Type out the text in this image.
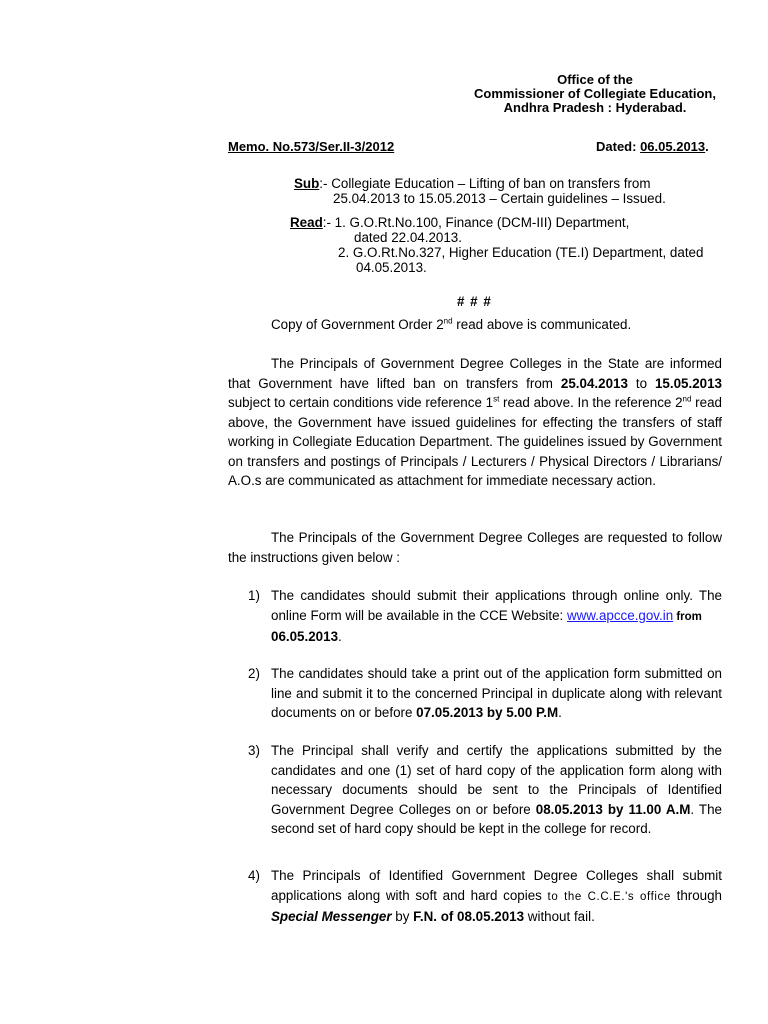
Office of the
Commissioner of Collegiate Education,
Andhra Pradesh : Hyderabad.
Memo. No.573/Ser.II-3/2012	Dated: 06.05.2013.
Sub:- Collegiate Education – Lifting of ban on transfers from
25.04.2013 to 15.05.2013 – Certain guidelines – Issued.
Read:- 1. G.O.Rt.No.100, Finance (DCM-III) Department,
dated 22.04.2013.
2. G.O.Rt.No.327, Higher Education (TE.I) Department, dated
04.05.2013.
# # #
Copy of Government Order 2nd read above is communicated.
The Principals of Government Degree Colleges in the State are informed that Government have lifted ban on transfers from 25.04.2013 to 15.05.2013 subject to certain conditions vide reference 1st read above. In the reference 2nd read above, the Government have issued guidelines for effecting the transfers of staff working in Collegiate Education Department. The guidelines issued by Government on transfers and postings of Principals / Lecturers / Physical Directors / Librarians/ A.O.s are communicated as attachment for immediate necessary action.
The Principals of the Government Degree Colleges are requested to follow the instructions given below :
1) The candidates should submit their applications through online only. The online Form will be available in the CCE Website: www.apcce.gov.in from
06.05.2013.
2) The candidates should take a print out of the application form submitted on line and submit it to the concerned Principal in duplicate along with relevant documents on or before 07.05.2013 by 5.00 P.M.
3) The Principal shall verify and certify the applications submitted by the candidates and one (1) set of hard copy of the application form along with necessary documents should be sent to the Principals of Identified Government Degree Colleges on or before 08.05.2013 by 11.00 A.M. The second set of hard copy should be kept in the college for record.
4) The Principals of Identified Government Degree Colleges shall submit applications along with soft and hard copies to the C.C.E.'s office through Special Messenger by F.N. of 08.05.2013 without fail.
